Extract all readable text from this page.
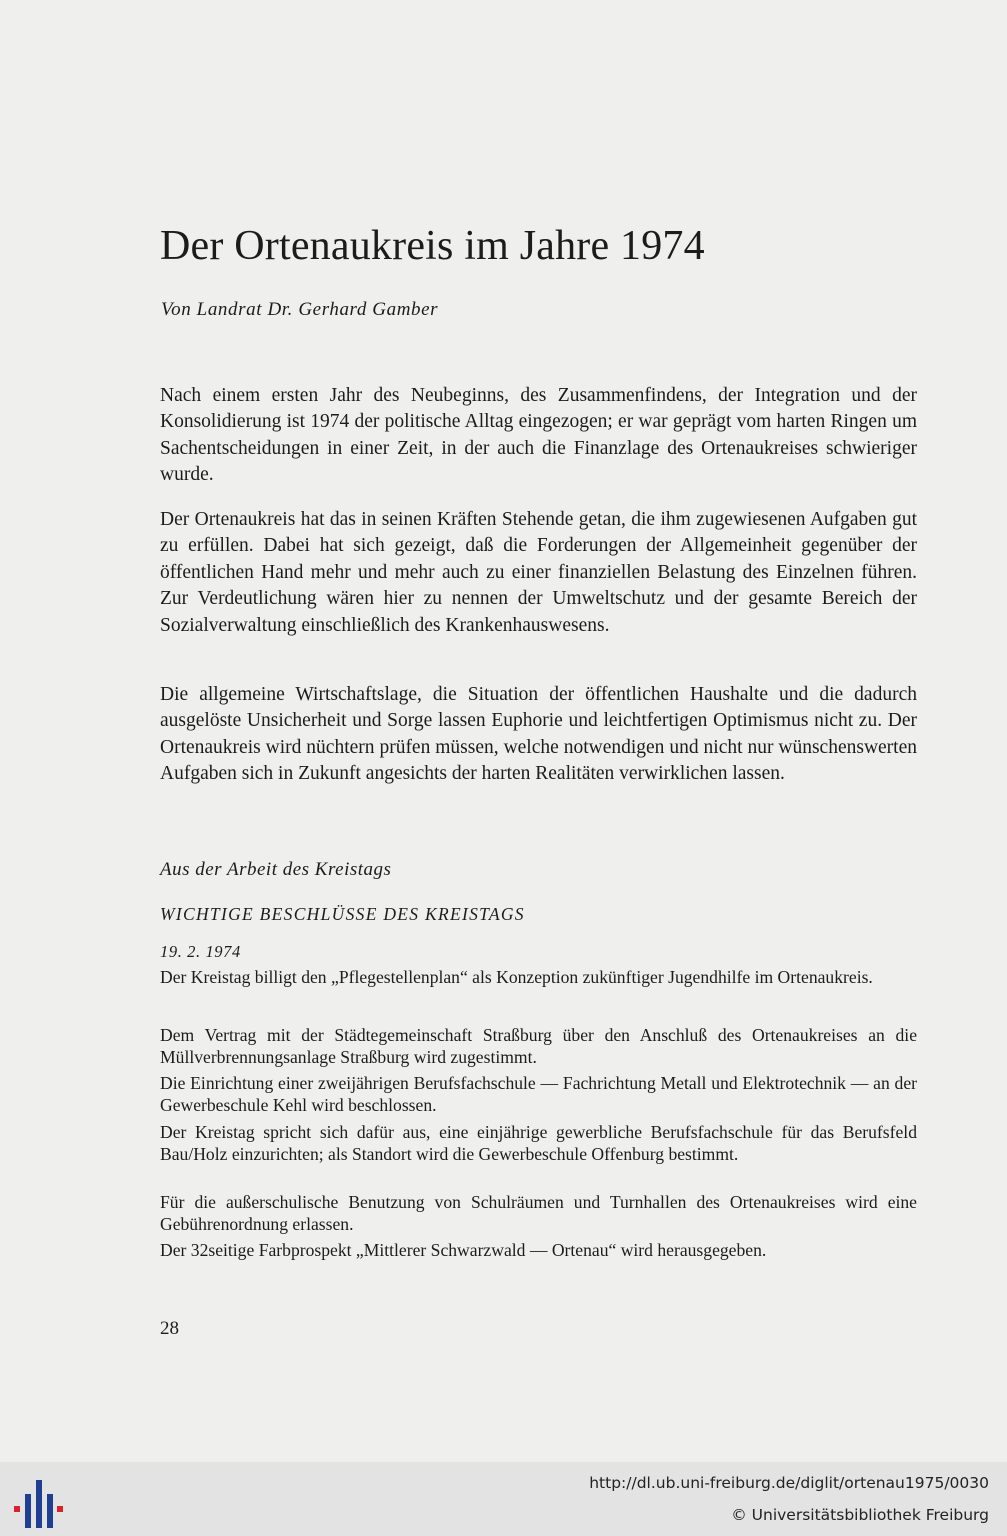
Der Ortenaukreis im Jahre 1974
Von Landrat Dr. Gerhard Gamber

Nach einem ersten Jahr des Neubeginns, des Zusammenfindens, der Integration und der Konsolidierung ist 1974 der politische Alltag eingezogen; er war geprägt vom harten Ringen um Sachentscheidungen in einer Zeit, in der auch die Finanzlage des Ortenaukreises schwieriger wurde.

Der Ortenaukreis hat das in seinen Kräften Stehende getan, die ihm zugewiesenen Aufgaben gut zu erfüllen. Dabei hat sich gezeigt, daß die Forderungen der Allgemeinheit gegenüber der öffentlichen Hand mehr und mehr auch zu einer finanziellen Belastung des Einzelnen führen. Zur Verdeutlichung wären hier zu nennen der Umweltschutz und der gesamte Bereich der Sozialverwaltung einschließlich des Krankenhauswesens.

Die allgemeine Wirtschaftslage, die Situation der öffentlichen Haushalte und die dadurch ausgelöste Unsicherheit und Sorge lassen Euphorie und leichtfertigen Optimismus nicht zu. Der Ortenaukreis wird nüchtern prüfen müssen, welche notwendigen und nicht nur wünschenswerten Aufgaben sich in Zukunft angesichts der harten Realitäten verwirklichen lassen.

Aus der Arbeit des Kreistags
WICHTIGE BESCHLÜSSE DES KREISTAGS
19. 2. 1974

Der Kreistag billigt den „Pflegestellenplan“ als Konzeption zukünftiger Jugendhilfe im Ortenaukreis.

Dem Vertrag mit der Städtegemeinschaft Straßburg über den Anschluß des Ortenaukreises an die Müllverbrennungsanlage Straßburg wird zugestimmt.

Die Einrichtung einer zweijährigen Berufsfachschule — Fachrichtung Metall und Elektrotechnik — an der Gewerbeschule Kehl wird beschlossen.

Der Kreistag spricht sich dafür aus, eine einjährige gewerbliche Berufsfachschule für das Berufsfeld Bau/Holz einzurichten; als Standort wird die Gewerbeschule Offenburg bestimmt.

Für die außerschulische Benutzung von Schulräumen und Turnhallen des Ortenaukreises wird eine Gebührenordnung erlassen.

Der 32seitige Farbprospekt „Mittlerer Schwarzwald — Ortenau“ wird herausgegeben.

28
http://dl.ub.uni-freiburg.de/diglit/ortenau1975/0030
© Universitätsbibliothek Freiburg
